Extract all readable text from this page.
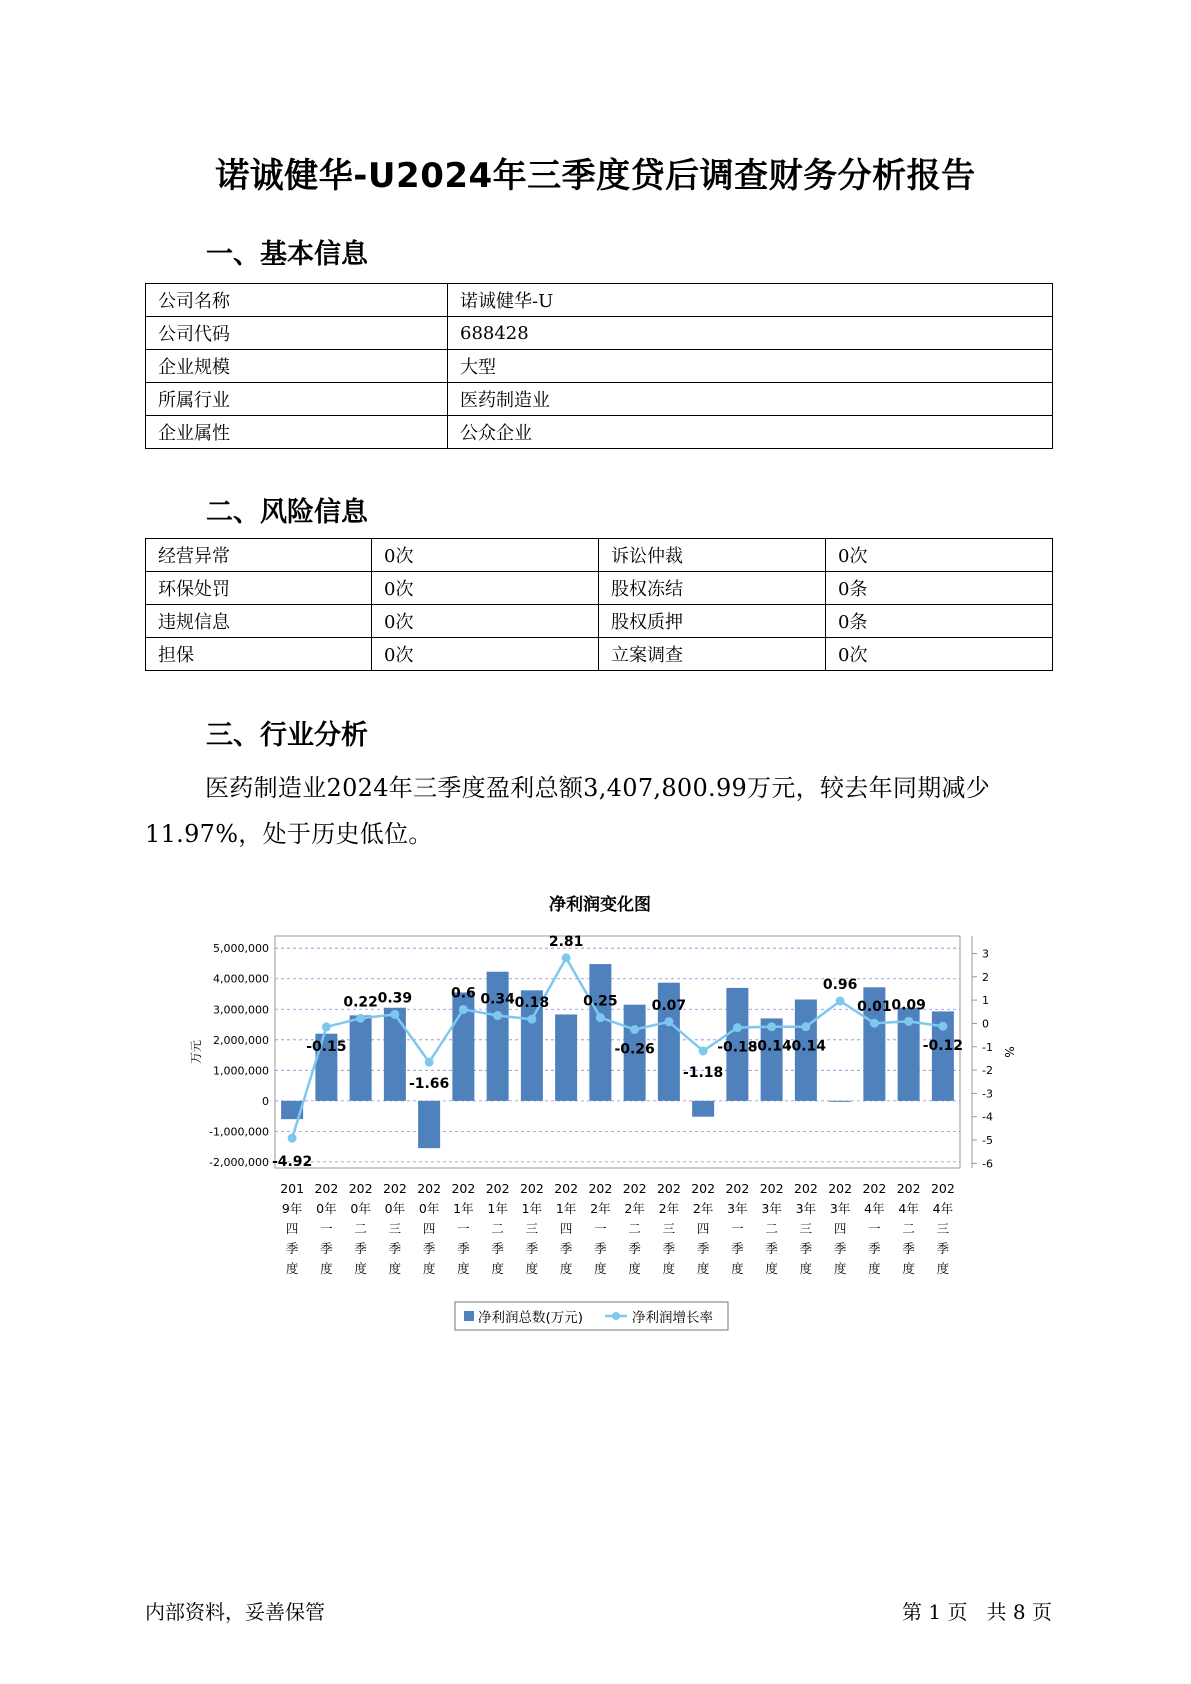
诺诚健华-U2024年三季度贷后调查财务分析报告
一、基本信息
公司名称	诺诚健华-U
公司代码	688428
企业规模	大型
所属行业	医药制造业
企业属性	公众企业
二、风险信息
经营异常	0次	诉讼仲裁	0次
环保处罚	0次	股权冻结	0条
违规信息	0次	股权质押	0条
担保	0次	立案调查	0次
三、行业分析
医药制造业2024年三季度盈利总额3,407,800.99万元，较去年同期减少11.97%，处于历史低位。
净利润变化图
5,000,000
4,000,000
3,000,000
2,000,000
1,000,000
0
-1,000,000
-2,000,000
3
2
1
0
-1
-2
-3
-4
-5
-6
万元	%
-4.92
-0.15
0.22 0.39
-1.66
0.6 0.34 0.18
2.81
0.25
-0.26
0.07
-1.18
-0.18
-0.14
-0.14
0.96
0.01 0.09
-0.12
201 9年四季度
202 0年一季度
202 0年二季度
202 0年三季度
202 0年四季度
202 1年一季度
202 1年二季度
202 1年三季度
202 1年四季度
202 2年一季度
202 2年二季度
202 2年三季度
202 2年四季度
202 3年一季度
202 3年二季度
202 3年三季度
202 3年四季度
202 4年一季度
202 4年二季度
202 4年三季度
净利润总数(万元)	净利润增长率
内部资料，妥善保管	第 1 页   共 8 页
